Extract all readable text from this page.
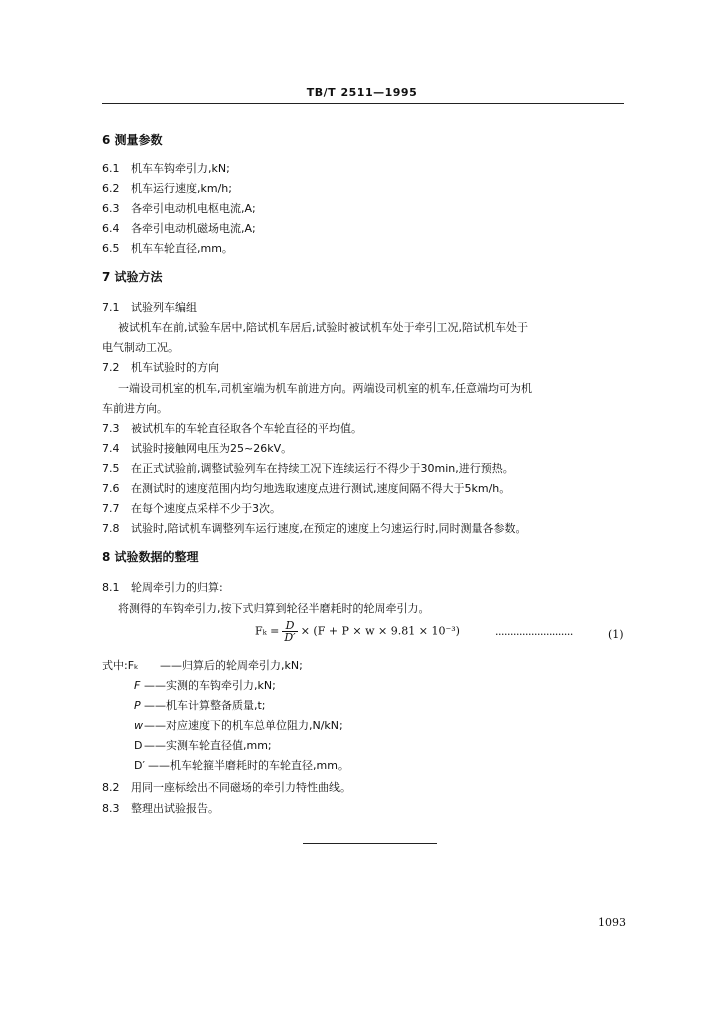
TB/T 2511—1995
6 测量参数
6.1 机车车钩牵引力,kN;
6.2 机车运行速度,km/h;
6.3 各牵引电动机电枢电流,A;
6.4 各牵引电动机磁场电流,A;
6.5 机车车轮直径,mm。
7 试验方法
7.1 试验列车编组
被试机车在前,试验车居中,陪试机车居后,试验时被试机车处于牵引工况,陪试机车处于
电气制动工况。
7.2 机车试验时的方向
一端设司机室的机车,司机室端为机车前进方向。两端设司机室的机车,任意端均可为机
车前进方向。
7.3 被试机车的车轮直径取各个车轮直径的平均值。
7.4 试验时接触网电压为25~26kV。
7.5 在正式试验前,调整试验列车在持续工况下连续运行不得少于30min,进行预热。
7.6 在测试时的速度范围内均匀地选取速度点进行测试,速度间隔不得大于5km/h。
7.7 在每个速度点采样不少于3次。
7.8 试验时,陪试机车调整列车运行速度,在预定的速度上匀速运行时,同时测量各参数。
8 试验数据的整理
8.1 轮周牵引力的归算:
将测得的车钩牵引力,按下式归算到轮径半磨耗时的轮周牵引力。
$F_k = \frac{D}{D'} \times (F + P \times w \times 9.81 \times 10^{-3})$	··························	(1)
式中:Fₖ ——归算后的轮周牵引力,kN;
F ——实测的车钩牵引力,kN;
P ——机车计算整备质量,t;
w——对应速度下的机车总单位阻力,N/kN;
D ——实测车轮直径值,mm;
D′ ——机车轮箍半磨耗时的车轮直径,mm。
8.2 用同一座标绘出不同磁场的牵引力特性曲线。
8.3 整理出试验报告。
1093
